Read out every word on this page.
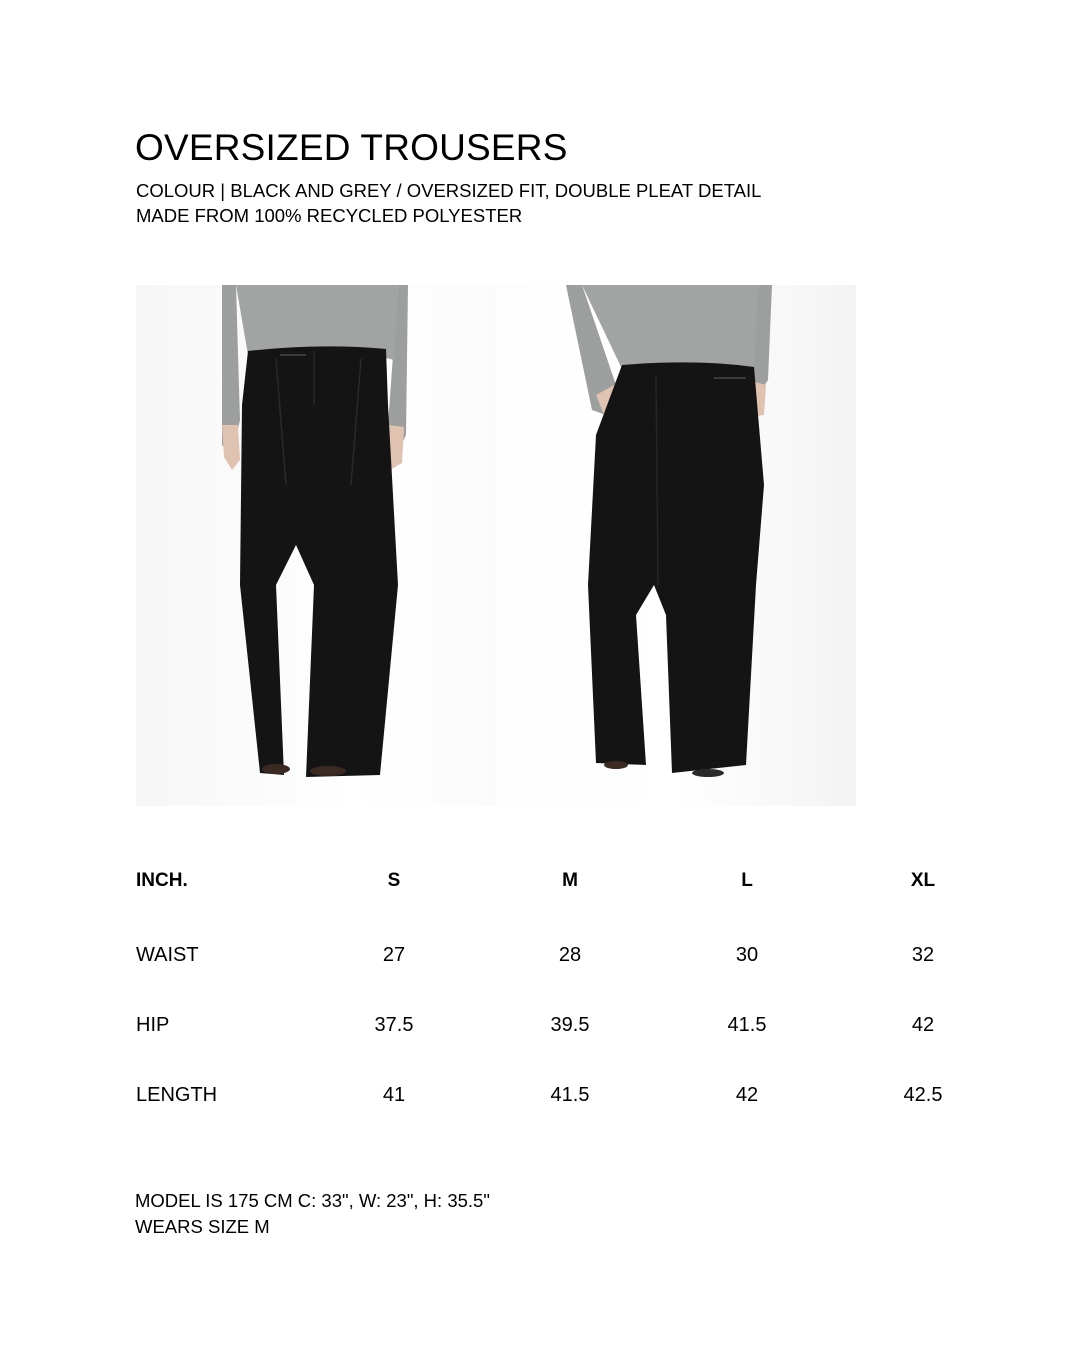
OVERSIZED TROUSERS
COLOUR | BLACK AND GREY / OVERSIZED FIT, DOUBLE PLEAT DETAIL
MADE FROM 100% RECYCLED POLYESTER
INCH.	S	M	L	XL
WAIST	27	28	30	32
HIP	37.5	39.5	41.5	42
LENGTH	41	41.5	42	42.5
MODEL IS 175 CM C: 33", W: 23", H: 35.5"
WEARS SIZE M
